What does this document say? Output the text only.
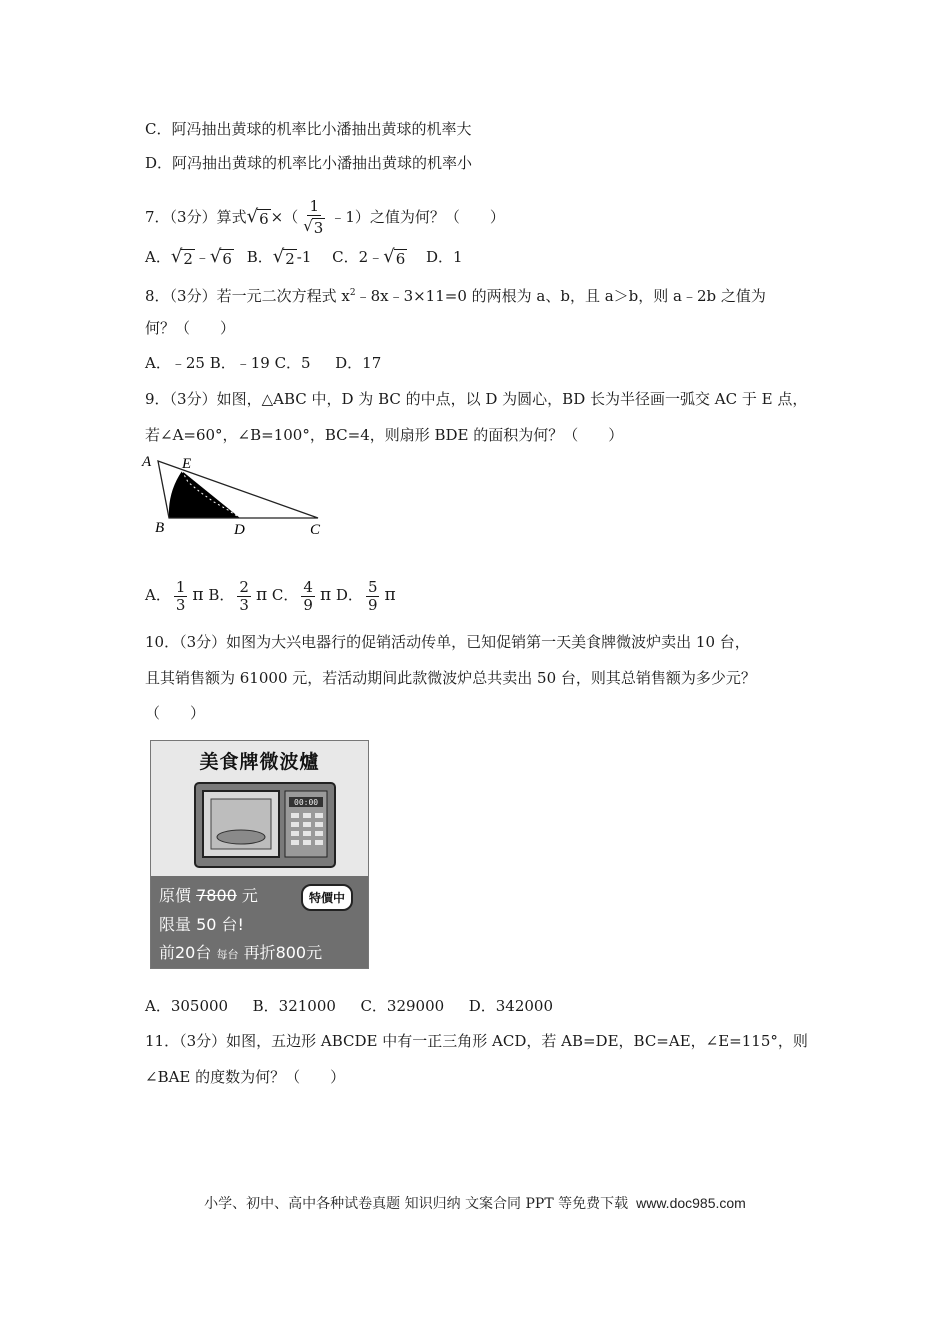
C．阿冯抽出黄球的机率比小潘抽出黄球的机率大
D．阿冯抽出黄球的机率比小潘抽出黄球的机率小
7．（3分）算式 √ 6 ×（ $\frac{1}{√ 3}$ ﹣1）之值为何？（　　）
A． √ 2 ﹣ √ 6 B． √ 2 -1 C．2﹣ √ 6 D．1
8．（3分）若一元二次方程式 $x^2﹣8x﹣3\times 11=0$ 的两根为 a、b，且 a＞b，则 a﹣2b 之值为
何？（　　）
A．﹣25 B．﹣19 C．5 　 D．17
9．（3分）如图，△ABC 中，D 为 BC 的中点，以 D 为圆心，BD 长为半径画一弧交 AC 于 E 点，
若∠A=60°，∠B=100°，BC=4，则扇形 BDE 的面积为何？（　　）
A E
B	D	C
A． $\frac{1}{3}$ π B． $\frac{2}{3}$ π C． $\frac{4}{9}$ π D． $\frac{5}{9}$ π
10．（3分）如图为大兴电器行的促销活动传单，已知促销第一天美食牌微波炉卖出 10 台，
且其销售额为 61000 元，若活动期间此款微波炉总共卖出 50 台，则其总销售额为多少元？
（　　）
美食牌微波爐
00:00
原價 7800 元	特價中
限量 50 台!
前20台 每台 再折800元
A．305000 　 B．321000 　 C．329000 　 D．342000
11．（3分）如图，五边形 ABCDE 中有一正三角形 ACD，若 AB=DE，BC=AE，∠E=115°，则
∠BAE 的度数为何？（　　）
小学、初中、高中各种试卷真题 知识归纳 文案合同 PPT 等免费下载 www.doc985.com
